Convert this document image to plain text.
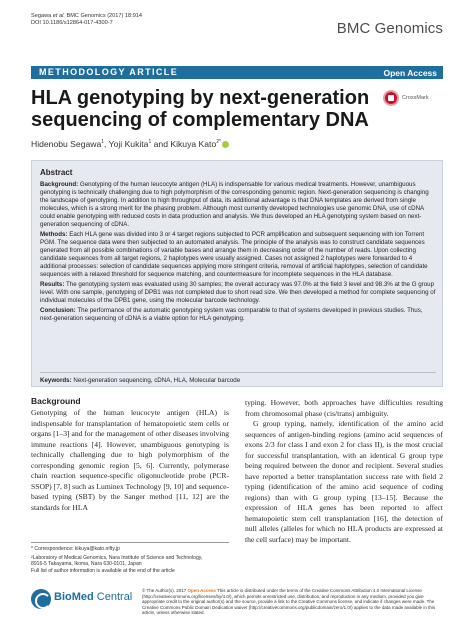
Segawa et al. BMC Genomics (2017) 18:914
DOI 10.1186/s12864-017-4300-7	BMC Genomics
METHODOLOGY ARTICLE	Open Access
HLA genotyping by next-generation sequencing of complementary DNA
CrossMark
Hidenobu Segawa$^1$, Yoji Kukita$^1$ and Kikuya Kato$^{2*}$
Abstract

Background: Genotyping of the human leucocyte antigen (HLA) is indispensable for various medical treatments. However, unambiguous genotyping is technically challenging due to high polymorphism of the corresponding genomic region. Next-generation sequencing is changing the landscape of genotyping. In addition to high throughput of data, its additional advantage is that DNA templates are derived from single molecules, which is a strong merit for the phasing problem. Although most currently developed technologies use genomic DNA, use of cDNA could enable genotyping with reduced costs in data production and analysis. We thus developed an HLA genotyping system based on next-generation sequencing of cDNA.

Methods: Each HLA gene was divided into 3 or 4 target regions subjected to PCR amplification and subsequent sequencing with Ion Torrent PGM. The sequence data were then subjected to an automated analysis. The principle of the analysis was to construct candidate sequences generated from all possible combinations of variable bases and arrange them in decreasing order of the number of reads. Upon collecting candidate sequences from all target regions, 2 haplotypes were usually assigned. Cases not assigned 2 haplotypes were forwarded to 4 additional processes: selection of candidate sequences applying more stringent criteria, removal of artificial haplotypes, selection of candidate sequences with a relaxed threshold for sequence matching, and countermeasure for incomplete sequences in the HLA database.

Results: The genotyping system was evaluated using 30 samples; the overall accuracy was 97.0% at the field 3 level and 98.3% at the G group level. With one sample, genotyping of DPB1 was not completed due to short read size. We then developed a method for complete sequencing of individual molecules of the DPB1 gene, using the molecular barcode technology.

Conclusion: The performance of the automatic genotyping system was comparable to that of systems developed in previous studies. Thus, next-generation sequencing of cDNA is a viable option for HLA genotyping.

Keywords: Next-generation sequencing, cDNA, HLA, Molecular barcode
Background

Genotyping of the human leucocyte antigen (HLA) is indispensable for transplantation of hematopoietic stem cells or organs [1–3] and for the management of other diseases involving immune reactions [4]. However, unambiguous genotyping is technically challenging due to high polymorphism of the corresponding genomic region [5, 6]. Currently, polymerase chain reaction sequence-specific oligonucleotide probe (PCR-SSOP) [7, 8] such as Luminex Technology [9, 10] and sequence-based typing (SBT) by the Sanger method [11, 12] are the standards for HLA

typing. However, both approaches have difficulties resulting from chromosomal phase (cis/trans) ambiguity.

G group typing, namely, identification of the amino acid sequences of antigen-binding regions (amino acid sequences of exons 2/3 for class I and exon 2 for class II), is the most crucial for successful transplantation, with an identical G group type being required between the donor and recipient. Several studies have reported a better transplantation success rate with field 2 typing (identification of the amino acid sequence of coding regions) than with G group typing [13–15]. Because the expression of HLA genes has been reported to affect hematopoietic stem cell transplantation [16], the detection of null alleles (alleles for which no HLA products are expressed at the cell surface) may be important.

* Correspondence: kikuya@kato.nifty.jp
²Laboratory of Medical Genomics, Nara Institute of Science and Technology,
8916-5 Takayama, Ikoma, Nara 630-0101, Japan
Full list of author information is available at the end of the article
BioMed Central
© The Author(s). 2017 Open Access This article is distributed under the terms of the Creative Commons Attribution 4.0 International License (http://creativecommons.org/licenses/by/4.0/), which permits unrestricted use, distribution, and reproduction in any medium, provided you give appropriate credit to the original author(s) and the source, provide a link to the Creative Commons license, and indicate if changes were made. The Creative Commons Public Domain Dedication waiver (http://creativecommons.org/publicdomain/zero/1.0/) applies to the data made available in this article, unless otherwise stated.
